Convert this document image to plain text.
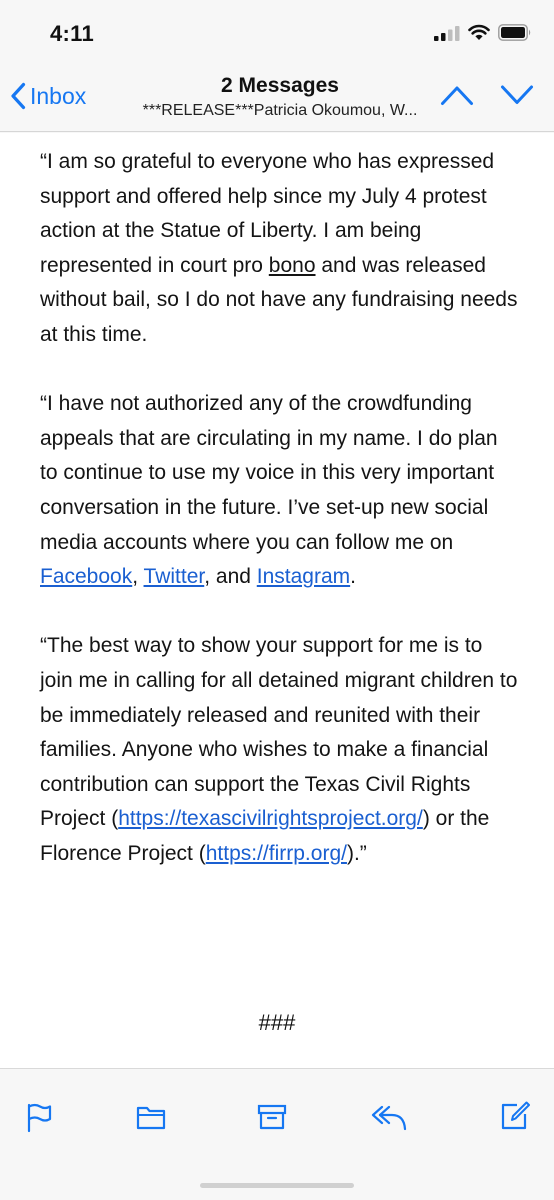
4:11
Inbox	2 Messages
***RELEASE***Patricia Okoumou, W...

“I am so grateful to everyone who has expressed support and offered help since my July 4 protest action at the Statue of Liberty. I am being represented in court pro bono and was released without bail, so I do not have any fundraising needs at this time.

“I have not authorized any of the crowdfunding appeals that are circulating in my name. I do plan to continue to use my voice in this very important conversation in the future. I’ve set-up new social media accounts where you can follow me on Facebook, Twitter, and Instagram.

“The best way to show your support for me is to join me in calling for all detained migrant children to be immediately released and reunited with their families. Anyone who wishes to make a financial contribution can support the Texas Civil Rights Project (https://texascivilrightsproject.org/) or the Florence Project (https://firrp.org/).”

###
